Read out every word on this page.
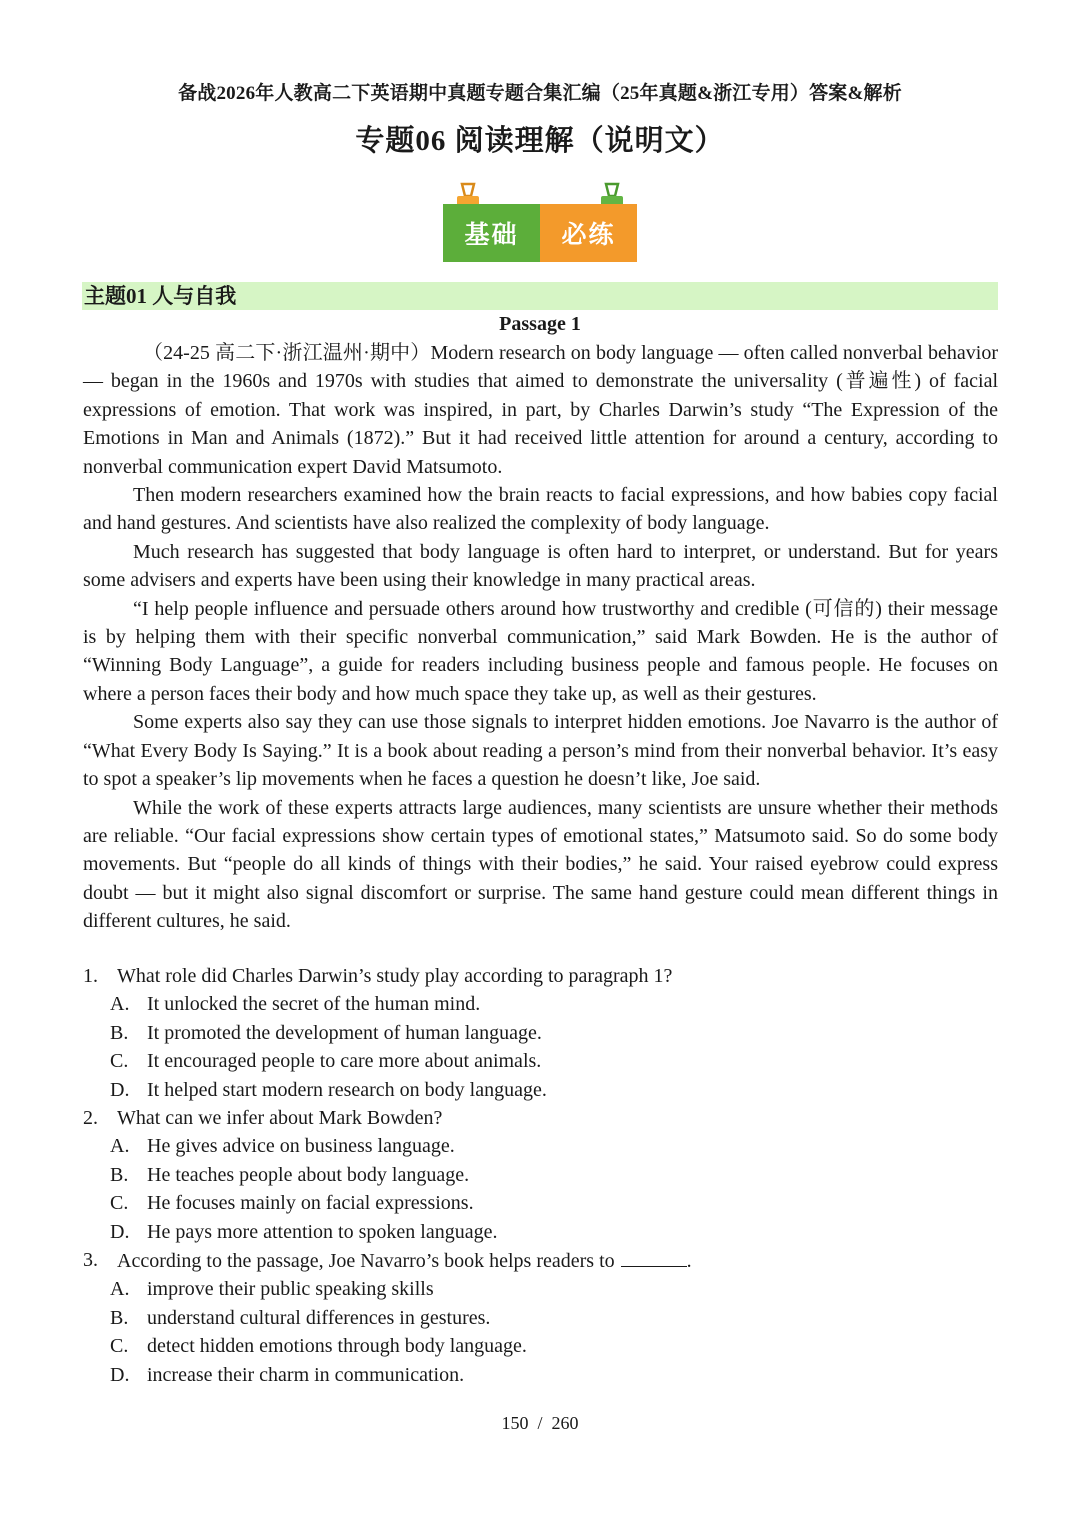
备战2026年人教高二下英语期中真题专题合集汇编（25年真题&浙江专用）答案&解析
专题06 阅读理解（说明文）
基础	必练
主题01 人与自我
Passage 1

（24-25 高二下·浙江温州·期中）Modern research on body language — often called nonverbal behavior — began in the 1960s and 1970s with studies that aimed to demonstrate the universality (普遍性) of facial expressions of emotion. That work was inspired, in part, by Charles Darwin’s study “The Expression of the Emotions in Man and Animals (1872).” But it had received little attention for around a century, according to nonverbal communication expert David Matsumoto.

Then modern researchers examined how the brain reacts to facial expressions, and how babies copy facial and hand gestures. And scientists have also realized the complexity of body language.

Much research has suggested that body language is often hard to interpret, or understand. But for years some advisers and experts have been using their knowledge in many practical areas.

“I help people influence and persuade others around how trustworthy and credible (可信的) their message is by helping them with their specific nonverbal communication,” said Mark Bowden. He is the author of “Winning Body Language”, a guide for readers including business people and famous people. He focuses on where a person faces their body and how much space they take up, as well as their gestures.

Some experts also say they can use those signals to interpret hidden emotions. Joe Navarro is the author of “What Every Body Is Saying.” It is a book about reading a person’s mind from their nonverbal behavior. It’s easy to spot a speaker’s lip movements when he faces a question he doesn’t like, Joe said.

While the work of these experts attracts large audiences, many scientists are unsure whether their methods are reliable. “Our facial expressions show certain types of emotional states,” Matsumoto said. So do some body movements. But “people do all kinds of things with their bodies,” he said. Your raised eyebrow could express doubt — but it might also signal discomfort or surprise. The same hand gesture could mean different things in different cultures, he said.

1. What role did Charles Darwin’s study play according to paragraph 1?
A. It unlocked the secret of the human mind.
B. It promoted the development of human language.
C. It encouraged people to care more about animals.
D. It helped start modern research on body language.
2. What can we infer about Mark Bowden?
A. He gives advice on business language.
B. He teaches people about body language.
C. He focuses mainly on facial expressions.
D. He pays more attention to spoken language.
3. According to the passage, Joe Navarro’s book helps readers to	.
A. improve their public speaking skills
B. understand cultural differences in gestures.
C. detect hidden emotions through body language.
D. increase their charm in communication.
150  /  260
